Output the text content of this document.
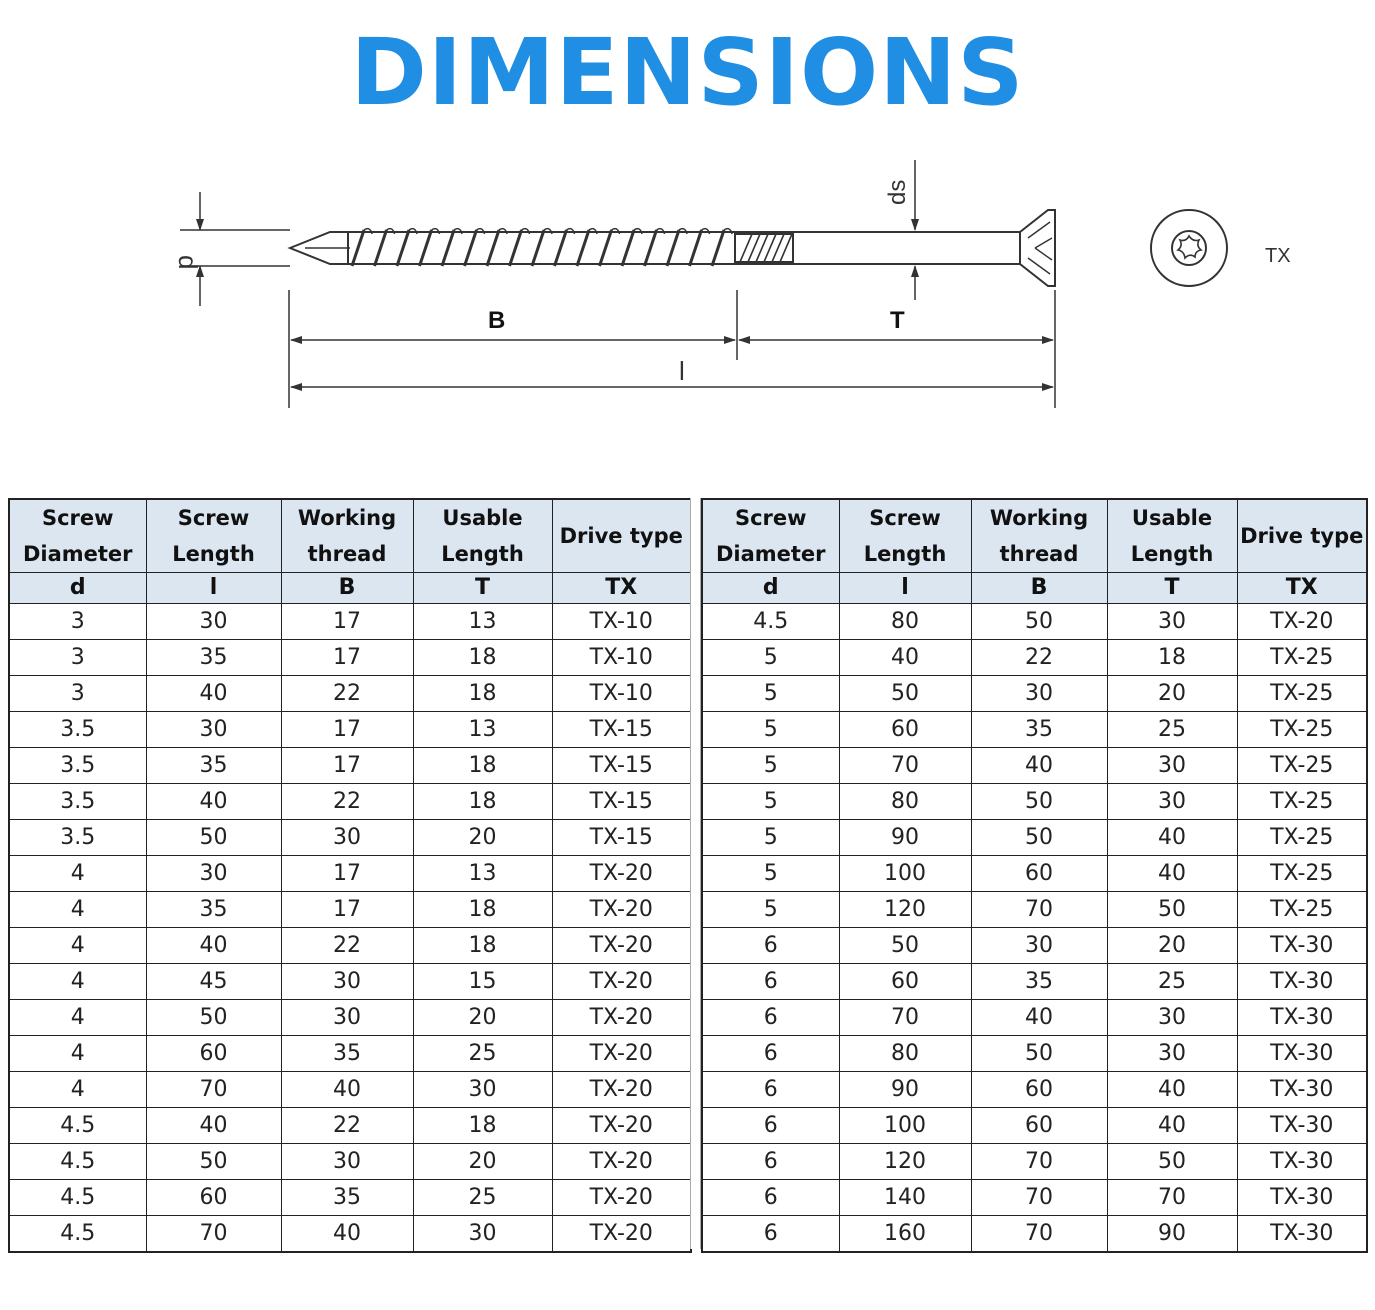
DIMENSIONS
d
ds
B	T
l
TX
Screw Diameter	Screw Length	Working thread	Usable Length	Drive type
d	l	B	T	TX
3	30	17	13	TX-10
3	35	17	18	TX-10
3	40	22	18	TX-10
3.5	30	17	13	TX-15
3.5	35	17	18	TX-15
3.5	40	22	18	TX-15
3.5	50	30	20	TX-15
4	30	17	13	TX-20
4	35	17	18	TX-20
4	40	22	18	TX-20
4	45	30	15	TX-20
4	50	30	20	TX-20
4	60	35	25	TX-20
4	70	40	30	TX-20
4.5	40	22	18	TX-20
4.5	50	30	20	TX-20
4.5	60	35	25	TX-20
4.5	70	40	30	TX-20
Screw Diameter	Screw Length	Working thread	Usable Length	Drive type
d	l	B	T	TX
4.5	80	50	30	TX-20
5	40	22	18	TX-25
5	50	30	20	TX-25
5	60	35	25	TX-25
5	70	40	30	TX-25
5	80	50	30	TX-25
5	90	50	40	TX-25
5	100	60	40	TX-25
5	120	70	50	TX-25
6	50	30	20	TX-30
6	60	35	25	TX-30
6	70	40	30	TX-30
6	80	50	30	TX-30
6	90	60	40	TX-30
6	100	60	40	TX-30
6	120	70	50	TX-30
6	140	70	70	TX-30
6	160	70	90	TX-30
